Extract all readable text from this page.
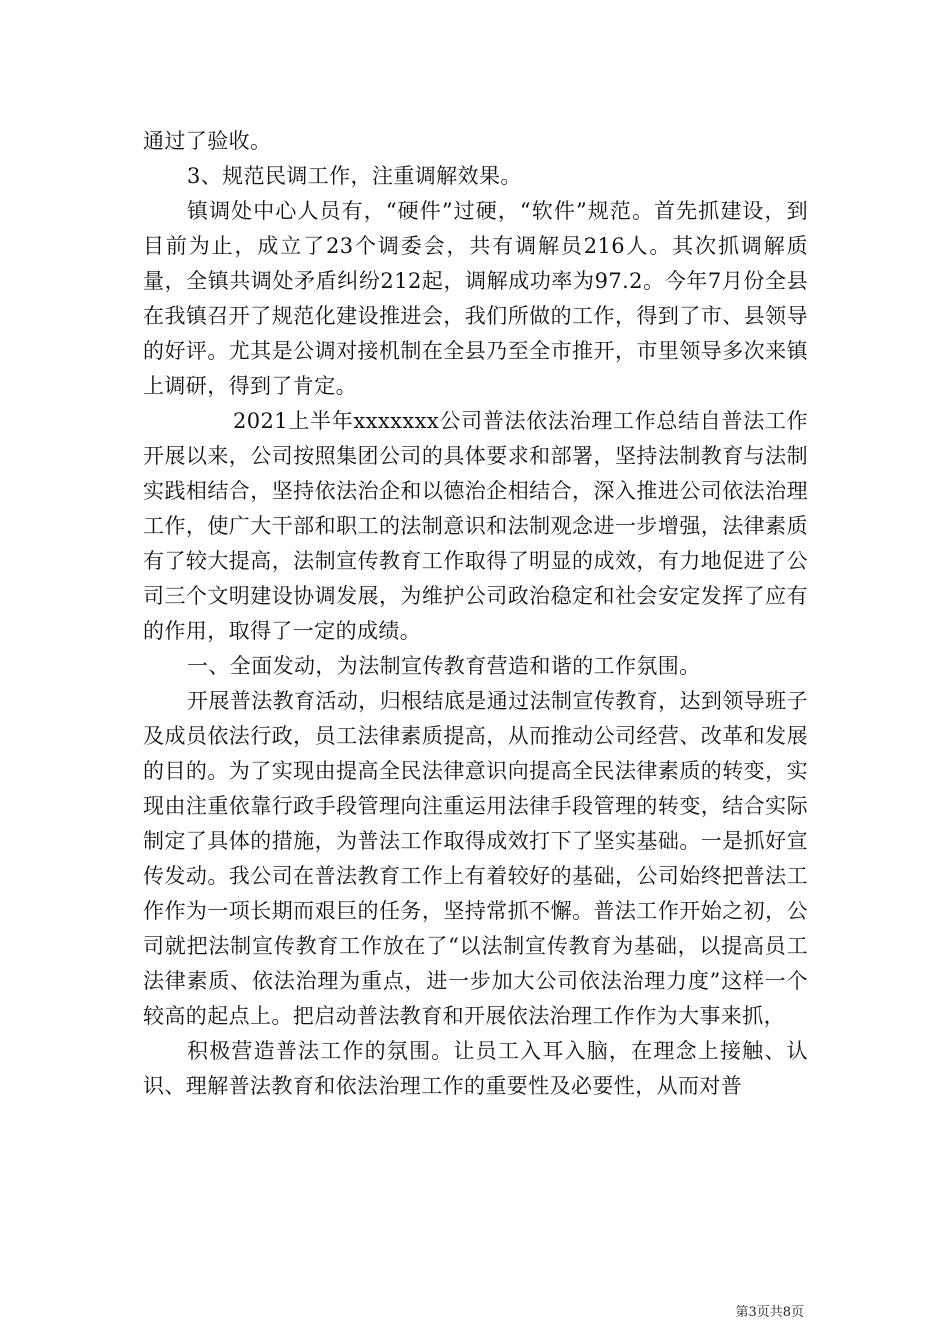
通过了验收。

3、规范民调工作，注重调解效果。

镇调处中心人员有，“硬件”过硬，“软件”规范。首先抓建设，到目前为止，成立了23个调委会，共有调解员216人。其次抓调解质量，全镇共调处矛盾纠纷212起，调解成功率为97.2。今年7月份全县在我镇召开了规范化建设推进会，我们所做的工作，得到了市、县领导的好评。尤其是公调对接机制在全县乃至全市推开，市里领导多次来镇上调研，得到了肯定。

2021上半年xxxxxxx公司普法依法治理工作总结自普法工作开展以来，公司按照集团公司的具体要求和部署，坚持法制教育与法制实践相结合，坚持依法治企和以德治企相结合，深入推进公司依法治理工作，使广大干部和职工的法制意识和法制观念进一步增强，法律素质有了较大提高，法制宣传教育工作取得了明显的成效，有力地促进了公司三个文明建设协调发展，为维护公司政治稳定和社会安定发挥了应有的作用，取得了一定的成绩。

一、全面发动，为法制宣传教育营造和谐的工作氛围。

开展普法教育活动，归根结底是通过法制宣传教育，达到领导班子及成员依法行政，员工法律素质提高，从而推动公司经营、改革和发展的目的。为了实现由提高全民法律意识向提高全民法律素质的转变，实现由注重依靠行政手段管理向注重运用法律手段管理的转变，结合实际制定了具体的措施，为普法工作取得成效打下了坚实基础。一是抓好宣传发动。我公司在普法教育工作上有着较好的基础，公司始终把普法工作作为一项长期而艰巨的任务，坚持常抓不懈。普法工作开始之初，公司就把法制宣传教育工作放在了“以法制宣传教育为基础，以提高员工法律素质、依法治理为重点，进一步加大公司依法治理力度”这样一个较高的起点上。把启动普法教育和开展依法治理工作作为大事来抓，

积极营造普法工作的氛围。让员工入耳入脑，在理念上接触、认识、理解普法教育和依法治理工作的重要性及必要性，从而对普

第3页共8页
